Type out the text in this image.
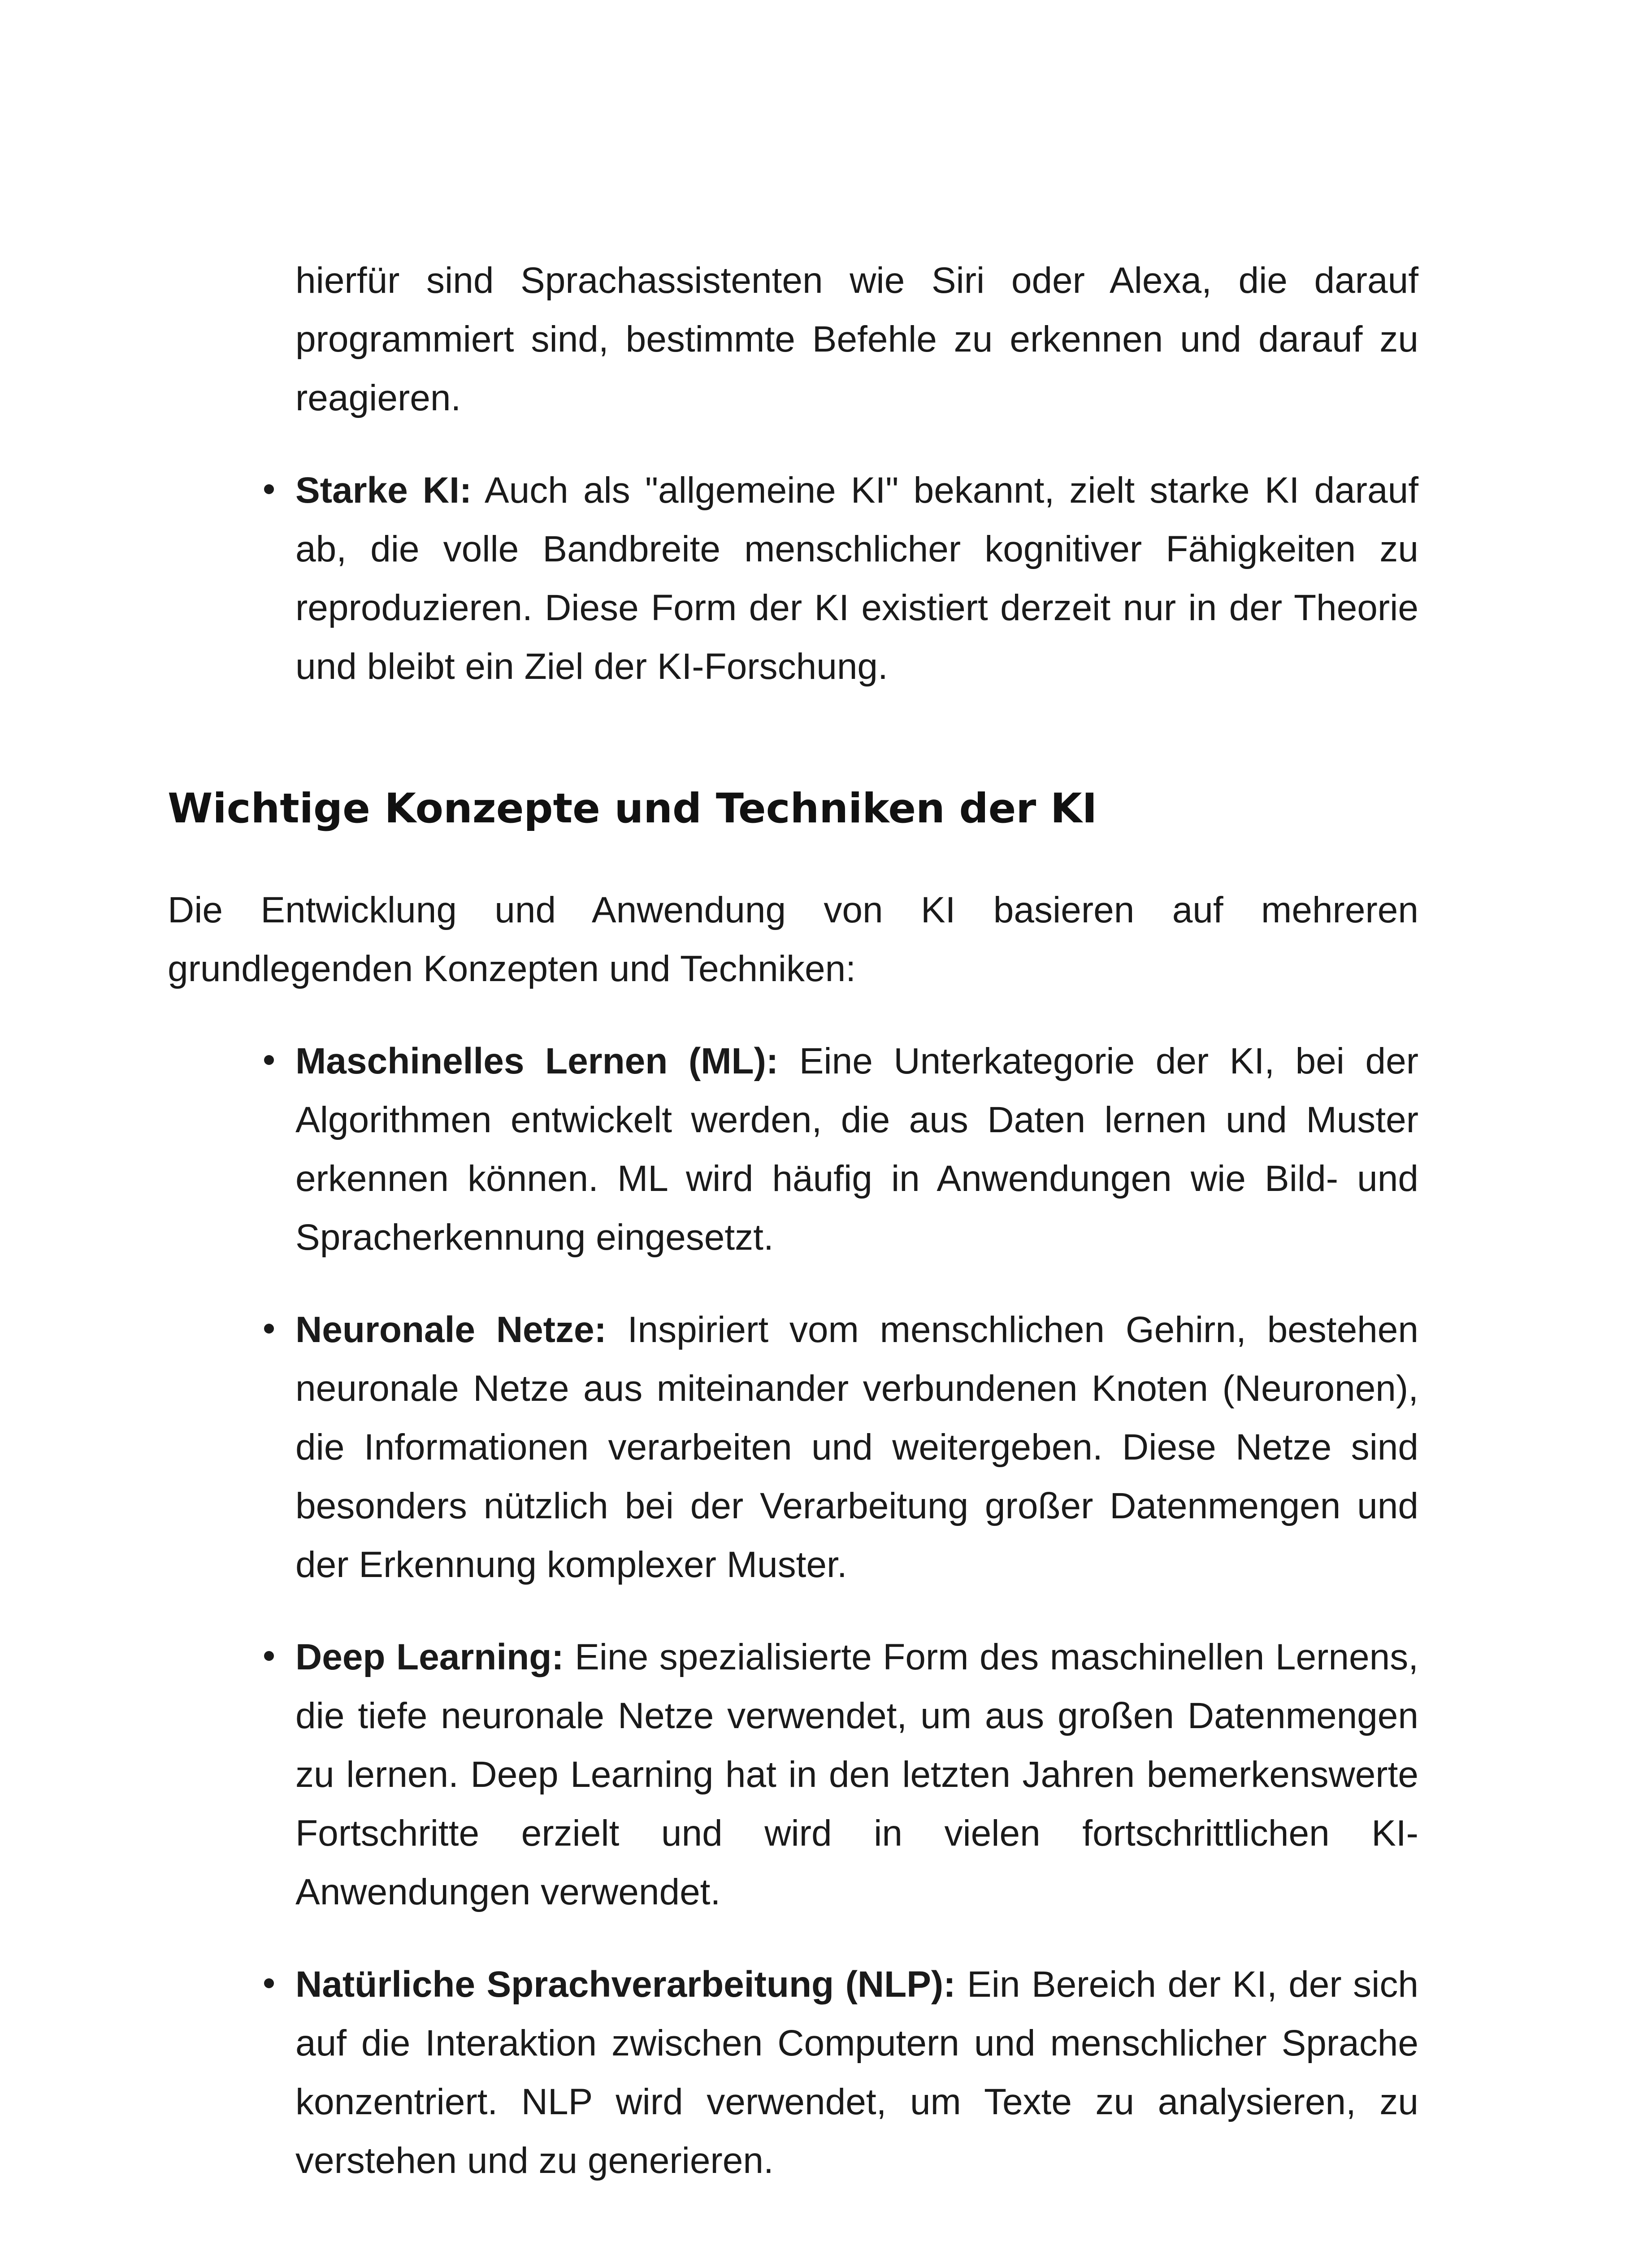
hierfür sind Sprachassistenten wie Siri oder Alexa, die darauf programmiert sind, bestimmte Befehle zu erkennen und darauf zu reagieren.

Starke KI: Auch als "allgemeine KI" bekannt, zielt starke KI darauf ab, die volle Bandbreite menschlicher kognitiver Fähigkeiten zu reproduzieren. Diese Form der KI existiert derzeit nur in der Theorie und bleibt ein Ziel der KI-Forschung.
Wichtige Konzepte und Techniken der KI

Die Entwicklung und Anwendung von KI basieren auf mehreren grundlegenden Konzepten und Techniken:

Maschinelles Lernen (ML): Eine Unterkategorie der KI, bei der Algorithmen entwickelt werden, die aus Daten lernen und Muster erkennen können. ML wird häufig in Anwendungen wie Bild- und Spracherkennung eingesetzt.
Neuronale Netze: Inspiriert vom menschlichen Gehirn, bestehen neuronale Netze aus miteinander verbundenen Knoten (Neuronen), die Informationen verarbeiten und weitergeben. Diese Netze sind besonders nützlich bei der Verarbeitung großer Datenmengen und der Erkennung komplexer Muster.
Deep Learning: Eine spezialisierte Form des maschinellen Lernens, die tiefe neuronale Netze verwendet, um aus großen Datenmengen zu lernen. Deep Learning hat in den letzten Jahren bemerkenswerte Fortschritte erzielt und wird in vielen fortschrittlichen KI-Anwendungen verwendet.
Natürliche Sprachverarbeitung (NLP): Ein Bereich der KI, der sich auf die Interaktion zwischen Computern und menschlicher Sprache konzentriert. NLP wird verwendet, um Texte zu analysieren, zu verstehen und zu generieren.
